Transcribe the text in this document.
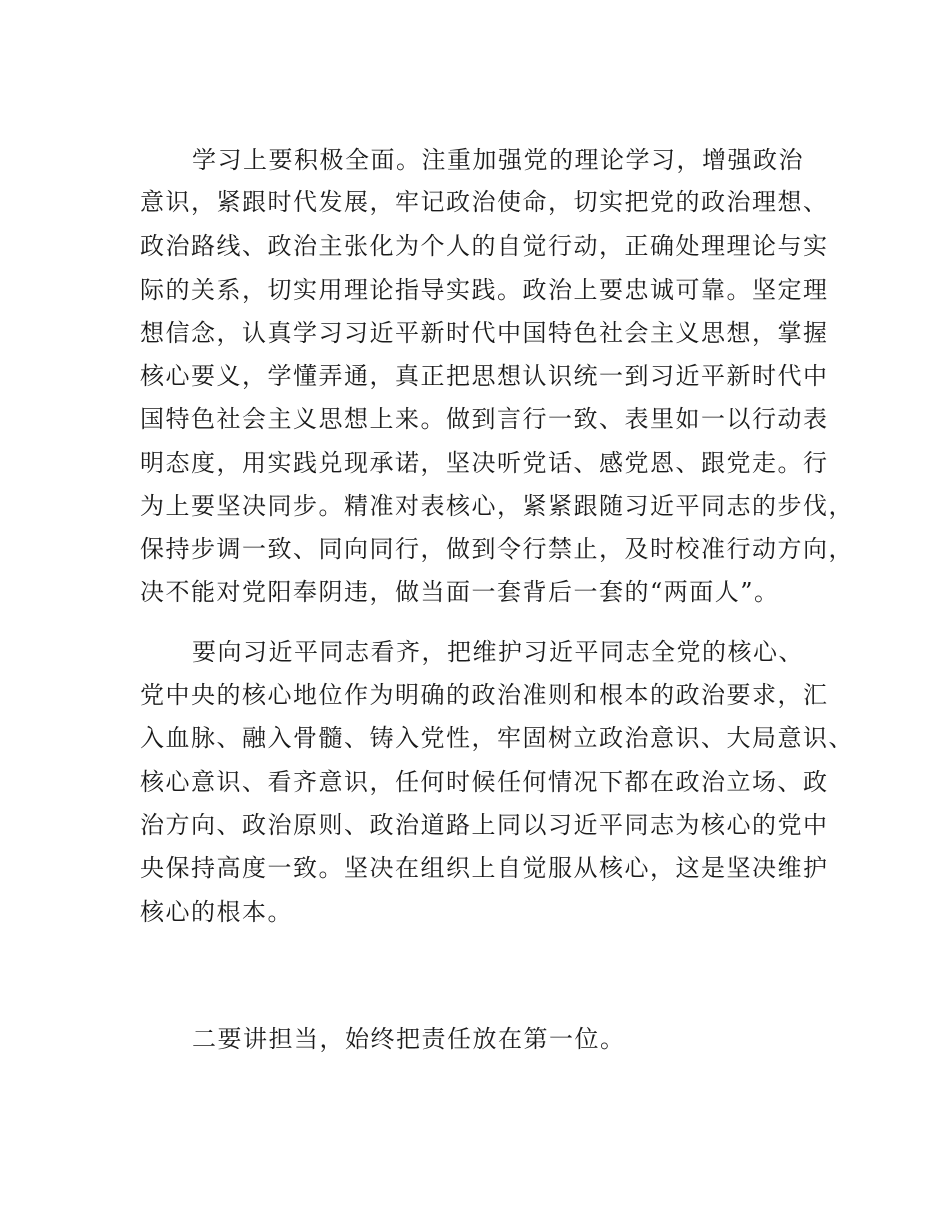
学习上要积极全面。注重加强党的理论学习，增强政治
意识，紧跟时代发展，牢记政治使命，切实把党的政治理想、
政治路线、政治主张化为个人的自觉行动，正确处理理论与实
际的关系，切实用理论指导实践。政治上要忠诚可靠。坚定理
想信念，认真学习习近平新时代中国特色社会主义思想，掌握
核心要义，学懂弄通，真正把思想认识统一到习近平新时代中
国特色社会主义思想上来。做到言行一致、表里如一以行动表
明态度，用实践兑现承诺，坚决听党话、感党恩、跟党走。行
为上要坚决同步。精准对表核心，紧紧跟随习近平同志的步伐，
保持步调一致、同向同行，做到令行禁止，及时校准行动方向，
决不能对党阳奉阴违，做当面一套背后一套的“两面人”。
要向习近平同志看齐，把维护习近平同志全党的核心、
党中央的核心地位作为明确的政治准则和根本的政治要求，汇
入血脉、融入骨髓、铸入党性，牢固树立政治意识、大局意识、
核心意识、看齐意识，任何时候任何情况下都在政治立场、政
治方向、政治原则、政治道路上同以习近平同志为核心的党中
央保持高度一致。坚决在组织上自觉服从核心，这是坚决维护
核心的根本。
二要讲担当，始终把责任放在第一位。
